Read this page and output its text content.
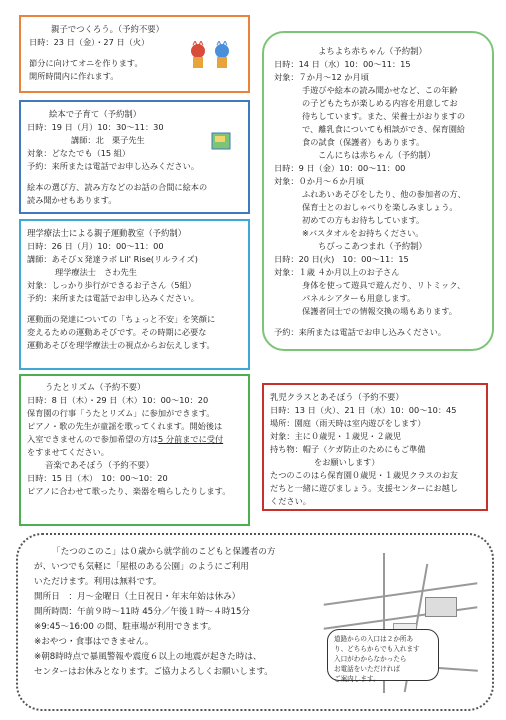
親子でつくろう。（予約不要）
日時：23 日（金）・27 日（火）
節分に向けてオニを作ります。
開所時間内に作れます。
絵本で子育て（予約制）
日時：19 日（月）10：30～11：30
講師：北　栗子先生
対象：どなたでも（15 組）
予約：来所または電話でお申し込みください。
絵本の選び方、読み方などのお話の合間に絵本の
読み聞かせもあります。
理学療法士による親子運動教室（予約制）
日時：26 日（月）10：00～11：00
講師：あそびｘ発達ラボ Lil' Rise(リルライズ)
理学療法士　さわ先生
対象：しっかり歩行ができるお子さん（5組）
予約：来所または電話でお申し込みください。
運動面の発達についての「ちょっと不安」を笑顔に
変えるための運動あそびです。その時期に必要な
運動あそびを理学療法士の視点からお伝えします。
うたとリズム（予約不要）
日時：8 日（木）・29 日（木）10：00～10：20
保育園の行事「うたとリズム」に参加ができます。
ピアノ・歌の先生が童謡を歌ってくれます。開始後は
入室できませんので参加希望の方は5 分前までに受付
をすませてください。
音楽であそぼう（予約不要）
日時：15 日（木）　10：00～10：20
ピアノに合わせて歌ったり、楽器を鳴らしたりします。
よちよち赤ちゃん（予約制）
日時：14 日（水）10：00～11：15
対象：７か月～12 か月頃
手遊びや絵本の読み聞かせなど、この年齢
の子どもたちが楽しめる内容を用意してお
待ちしています。また、栄養士がおりますの
で、離乳食についても相談ができ、保育園給
食の試食（保護者）もあります。
こんにちは赤ちゃん（予約制）
日時：9 日（金）10：00～11：00
対象：０か月～６か月頃
ふれあいあそびをしたり、他の参加者の方、
保育士とのおしゃべりを楽しみましょう。
初めての方もお待ちしています。
※バスタオルをお持ちください。
ちびっこあつまれ（予約制）
日時：20 日(火)　10：00～11：15
対象：１歳 ４か月以上のお子さん
身体を使って遊具で遊んだり、リトミック、
パネルシアターも用意します。
保護者同士での情報交換の場もあります。
予約：来所または電話でお申し込みください。
乳児クラスとあそぼう（予約不要）
日時：13 日（火）、21 日（水）10：00～10：45
場所：園庭（雨天時は室内遊びをします）
対象：主に０歳児・１歳児・２歳児
持ち物：帽子（ケガ防止のためにもご準備
をお願いします）
たつのこのはら保育園０歳児・１歳児クラスのお友
だちと一緒に遊びましょう。支援センターにお越し
ください。
「たつのこのこ」は０歳から就学前のこどもと保護者の方
が、いつでも気軽に「屋根のある公園」のようにご利用
いただけます。利用は無料です。
開所日　：月～金曜日（土日祝日・年末年始は休み）
開所時間：午前９時～11時 45分／午後１時～４時15分
※9:45～16:00 の間、駐車場が利用できます。
※おやつ・食事はできません。
※朝8時時点で暴風警報や震度６以上の地震が起きた時は、
センターはお休みとなります。ご協力よろしくお願いします。
道路からの入口は２か所あ
り、どちらからでも入れます
入口がわからなかったら
お電話をいただければ
ご案内します。
